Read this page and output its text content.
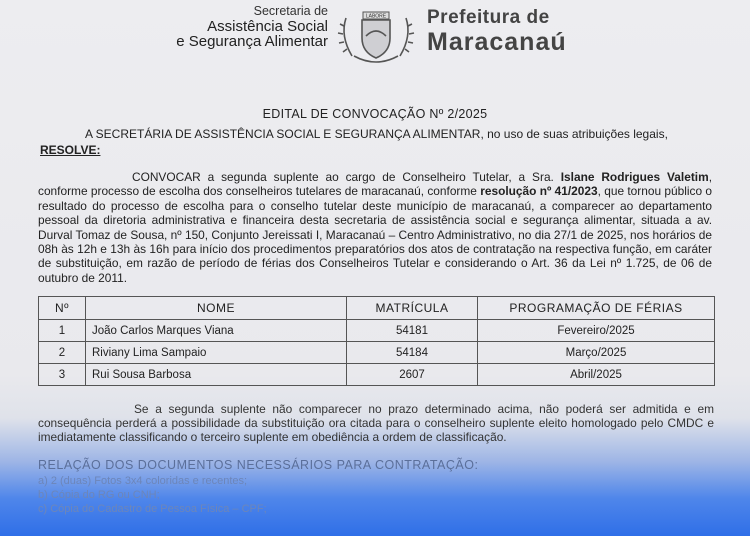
Secretaria de
Assistência Social
e Segurança Alimentar
LABORE Prefeitura de
Maracanaú
EDITAL DE CONVOCAÇÃO Nº 2/2025
A SECRETÁRIA DE ASSISTÊNCIA SOCIAL E SEGURANÇA ALIMENTAR, no uso de suas atribuições legais,
RESOLVE:
CONVOCAR a segunda suplente ao cargo de Conselheiro Tutelar, a Sra. Islane Rodrigues Valetim, conforme processo de escolha dos conselheiros tutelares de maracanaú, conforme resolução nº 41/2023, que tornou público o resultado do processo de escolha para o conselho tutelar deste município de maracanaú, a comparecer ao departamento pessoal da diretoria administrativa e financeira desta secretaria de assistência social e segurança alimentar, situada a av. Durval Tomaz de Sousa, nº 150, Conjunto Jereissati I, Maracanaú – Centro Administrativo, no dia 27/1 de 2025, nos horários de 08h às 12h e 13h às 16h para início dos procedimentos preparatórios dos atos de contratação na respectiva função, em caráter de substituição, em razão de período de férias dos Conselheiros Tutelar e considerando o Art. 36 da Lei nº 1.725, de 06 de outubro de 2011.
Nº	NOME	MATRÍCULA	PROGRAMAÇÃO DE FÉRIAS
1	João Carlos Marques Viana	54181	Fevereiro/2025
2	Riviany Lima Sampaio	54184	Março/2025
3	Rui Sousa Barbosa	2607	Abril/2025
Se a segunda suplente não comparecer no prazo determinado acima, não poderá ser admitida e em consequência perderá a possibilidade da substituição ora citada para o conselheiro suplente eleito homologado pelo CMDC e imediatamente classificando o terceiro suplente em obediência a ordem de classificação.
RELAÇÃO DOS DOCUMENTOS NECESSÁRIOS PARA CONTRATAÇÃO:
a) 2 (duas) Fotos 3x4 coloridas e recentes;
b) Cópia do RG ou CNH;
c) Cópia do Cadastro de Pessoa Física – CPF;
